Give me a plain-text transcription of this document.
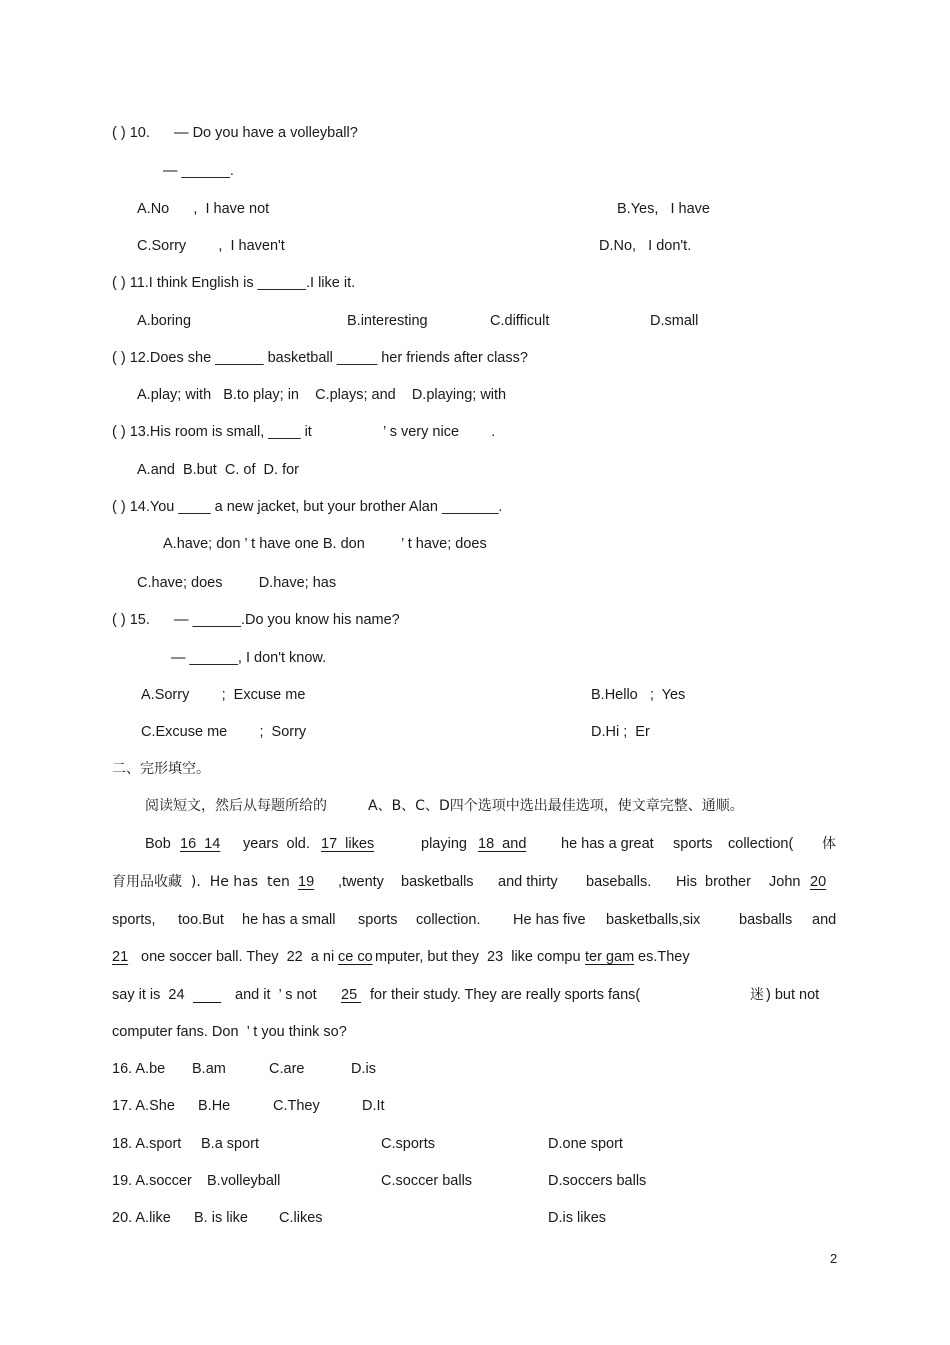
( ) 10.      — Do you have a volleyball?
— ______.
A.No      ,  I have not	B.Yes,   I have
C.Sorry        ,  I haven't	D.No,   I don't.
( ) 11.I think English is ______.I like it.
A.boring	B.interesting	C.difficult	D.small
( ) 12.Does she ______ basketball _____ her friends after class?
A.play; with   B.to play; in    C.plays; and    D.playing; with
( ) 13.His room is small, ____ it	’ s very nice        .
A.and  B.but  C. of  D. for
( ) 14.You ____ a new jacket, but your brother Alan _______.
A.have; don ’ t have one B. don ’ t have; does
C.have; does         D.have; has
( ) 15.      — ______.Do you know his name?
— ______, I don't know.
A.Sorry        ;  Excuse me	B.Hello   ;  Yes
C.Excuse me        ;  Sorry	D.Hi ;  Er
二、完形填空。
阅读短文，然后从每题所给的	A、B、C、D四个选项中选出最佳选项，使文章完整、通顺。
Bob 16  14 years  old. 17  likes	playing 18  and he has a great sports collection( 体
育用品收藏  ).  He has  ten 19	,twenty basketballs and thirty baseballs. His  brother John 20
sports, too.But he has a small sports collection. He has five basketballs,six	basballs and
21 one soccer ball. They  22  a ni ce co mputer, but they  23  like compu ter gam es.They
say it is  24
	and it  ’ s not 25 for their study. They are really sports fans(	迷 ) but not
computer fans. Don  ’ t you think so?
16. A.be B.am	C.are	D.is
17. A.She B.He	C.They	D.It
18. A.sport B.a sport	C.sports	D.one sport
19. A.soccer B.volleyball	C.soccer balls	D.soccers balls
20. A.like B. is like C.likes	D.is likes
2
